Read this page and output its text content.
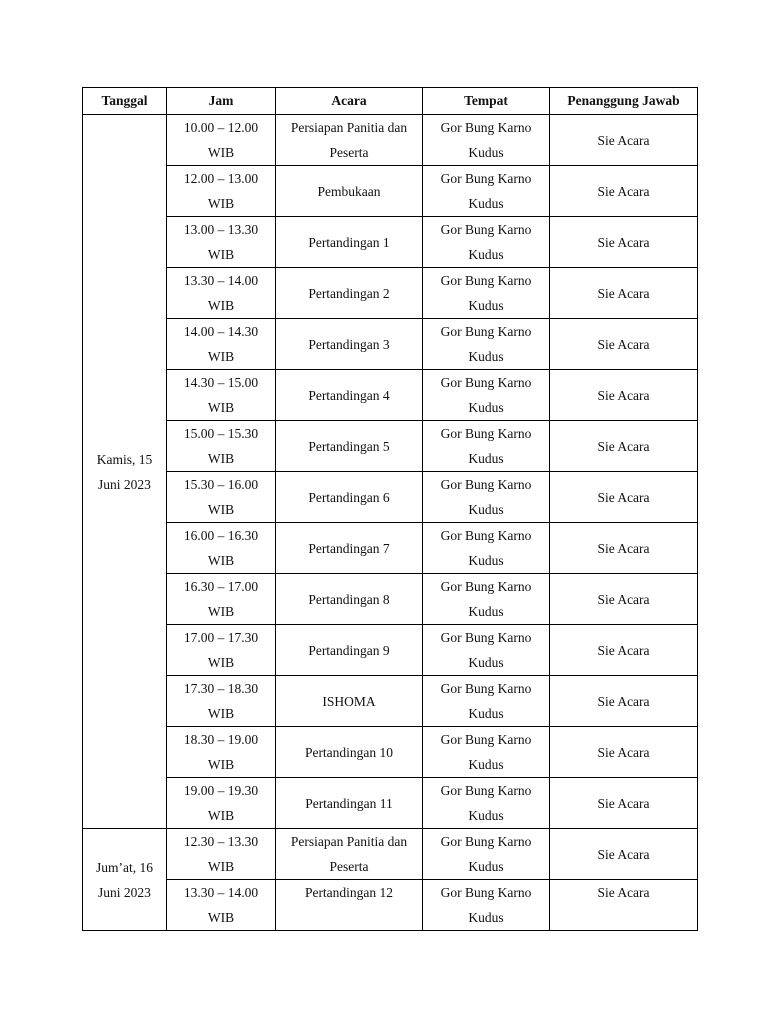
Tanggal	Jam	Acara	Tempat	Penanggung Jawab

Kamis, 15 Juni 2023	10.00 – 12.00 WIB	Persiapan Panitia dan Peserta	Gor Bung Karno Kudus	Sie Acara

	12.00 – 13.00 WIB	Pembukaan	Gor Bung Karno Kudus	Sie Acara

	13.00 – 13.30 WIB	Pertandingan 1	Gor Bung Karno Kudus	Sie Acara

	13.30 – 14.00 WIB	Pertandingan 2	Gor Bung Karno Kudus	Sie Acara

	14.00 – 14.30 WIB	Pertandingan 3	Gor Bung Karno Kudus	Sie Acara

	14.30 – 15.00 WIB	Pertandingan 4	Gor Bung Karno Kudus	Sie Acara

	15.00 – 15.30 WIB	Pertandingan 5	Gor Bung Karno Kudus	Sie Acara

	15.30 – 16.00 WIB	Pertandingan 6	Gor Bung Karno Kudus	Sie Acara

	16.00 – 16.30 WIB	Pertandingan 7	Gor Bung Karno Kudus	Sie Acara

	16.30 – 17.00 WIB	Pertandingan 8	Gor Bung Karno Kudus	Sie Acara

	17.00 – 17.30 WIB	Pertandingan 9	Gor Bung Karno Kudus	Sie Acara

	17.30 – 18.30 WIB	ISHOMA	Gor Bung Karno Kudus	Sie Acara

	18.30 – 19.00 WIB	Pertandingan 10	Gor Bung Karno Kudus	Sie Acara

	19.00 – 19.30 WIB	Pertandingan 11	Gor Bung Karno Kudus	Sie Acara

Jum’at, 16 Juni 2023	12.30 – 13.30 WIB	Persiapan Panitia dan Peserta	Gor Bung Karno Kudus	Sie Acara

	13.30 – 14.00 WIB	Pertandingan 12	Gor Bung Karno Kudus	Sie Acara
